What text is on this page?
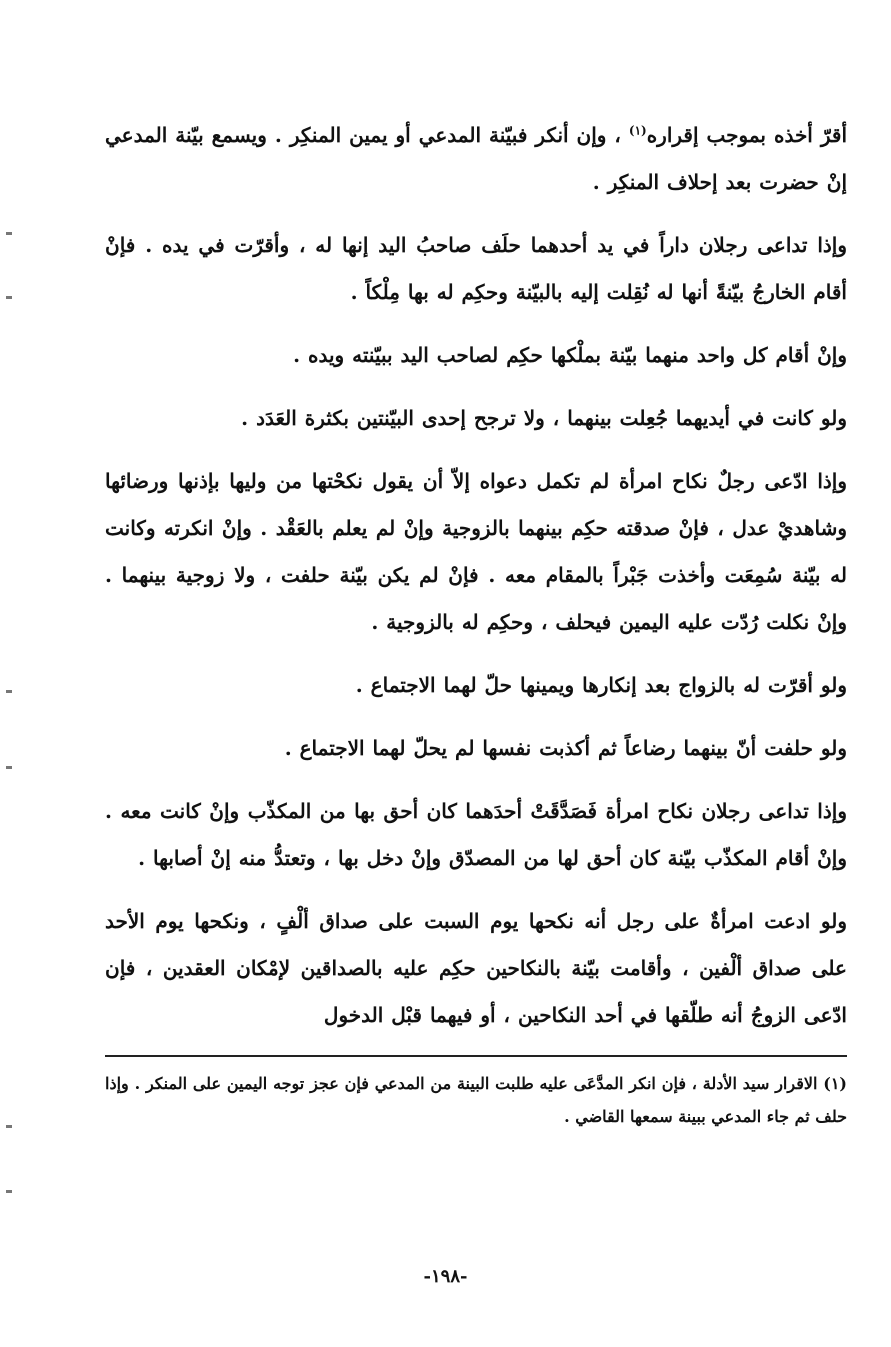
أقرّ أخذه بموجب إقراره$^{(١)}$ ، وإن أنكر فبيّنة المدعي أو يمين المنكِر . ويسمع بيّنة المدعي إنْ حضرت بعد إحلاف المنكِر .

وإذا تداعى رجلان داراً في يد أحدهما حلَف صاحبُ اليد إنها له ، وأقرّت في يده . فإنْ أقام الخارجُ بيّنةً أنها له نُقِلت إليه بالبيّنة وحكِم له بها مِلْكاً .

وإنْ أقام كل واحد منهما بيّنة بملْكها حكِم لصاحب اليد ببيّنته ويده .

ولو كانت في أيديهما جُعِلت بينهما ، ولا ترجح إحدى البيّنتين بكثرة العَدَد .

وإذا ادّعى رجلٌ نكاح امرأة لم تكمل دعواه إلاّ أن يقول نكحْتها من وليها بإذنها ورضائها وشاهديْ عدل ، فإنْ صدقته حكِم بينهما بالزوجية وإنْ لم يعلم بالعَقْد . وإنْ انكرته وكانت له بيّنة سُمِعَت وأخذت جَبْراً بالمقام معه . فإنْ لم يكن بيّنة حلفت ، ولا زوجية بينهما . وإنْ نكلت رُدّت عليه اليمين فيحلف ، وحكِم له بالزوجية .

ولو أقرّت له بالزواج بعد إنكارها ويمينها حلّ لهما الاجتماع .

ولو حلفت أنّ بينهما رضاعاً ثم أكذبت نفسها لم يحلّ لهما الاجتماع .

وإذا تداعى رجلان نكاح امرأة فَصَدَّقَتْ أحدَهما كان أحق بها من المكذّب وإنْ كانت معه . وإنْ أقام المكذّب بيّنة كان أحق لها من المصدّق وإنْ دخل بها ، وتعتدُّ منه إنْ أصابها .

ولو ادعت امرأةٌ على رجل أنه نكحها يوم السبت على صداق ألْفٍ ، ونكحها يوم الأحد على صداق ألْفين ، وأقامت بيّنة بالنكاحين حكِم عليه بالصداقين لإمْكان العقدين ، فإن ادّعى الزوجُ أنه طلّقها في أحد النكاحين ، أو فيهما قبْل الدخول

(١) الاقرار سيد الأدلة ، فإن انكر المدَّعَى عليه طلبت البينة من المدعي فإن عجز توجه اليمين على المنكر . وإذا حلف ثم جاء المدعي ببينة سمعها القاضي .

-١٩٨-
